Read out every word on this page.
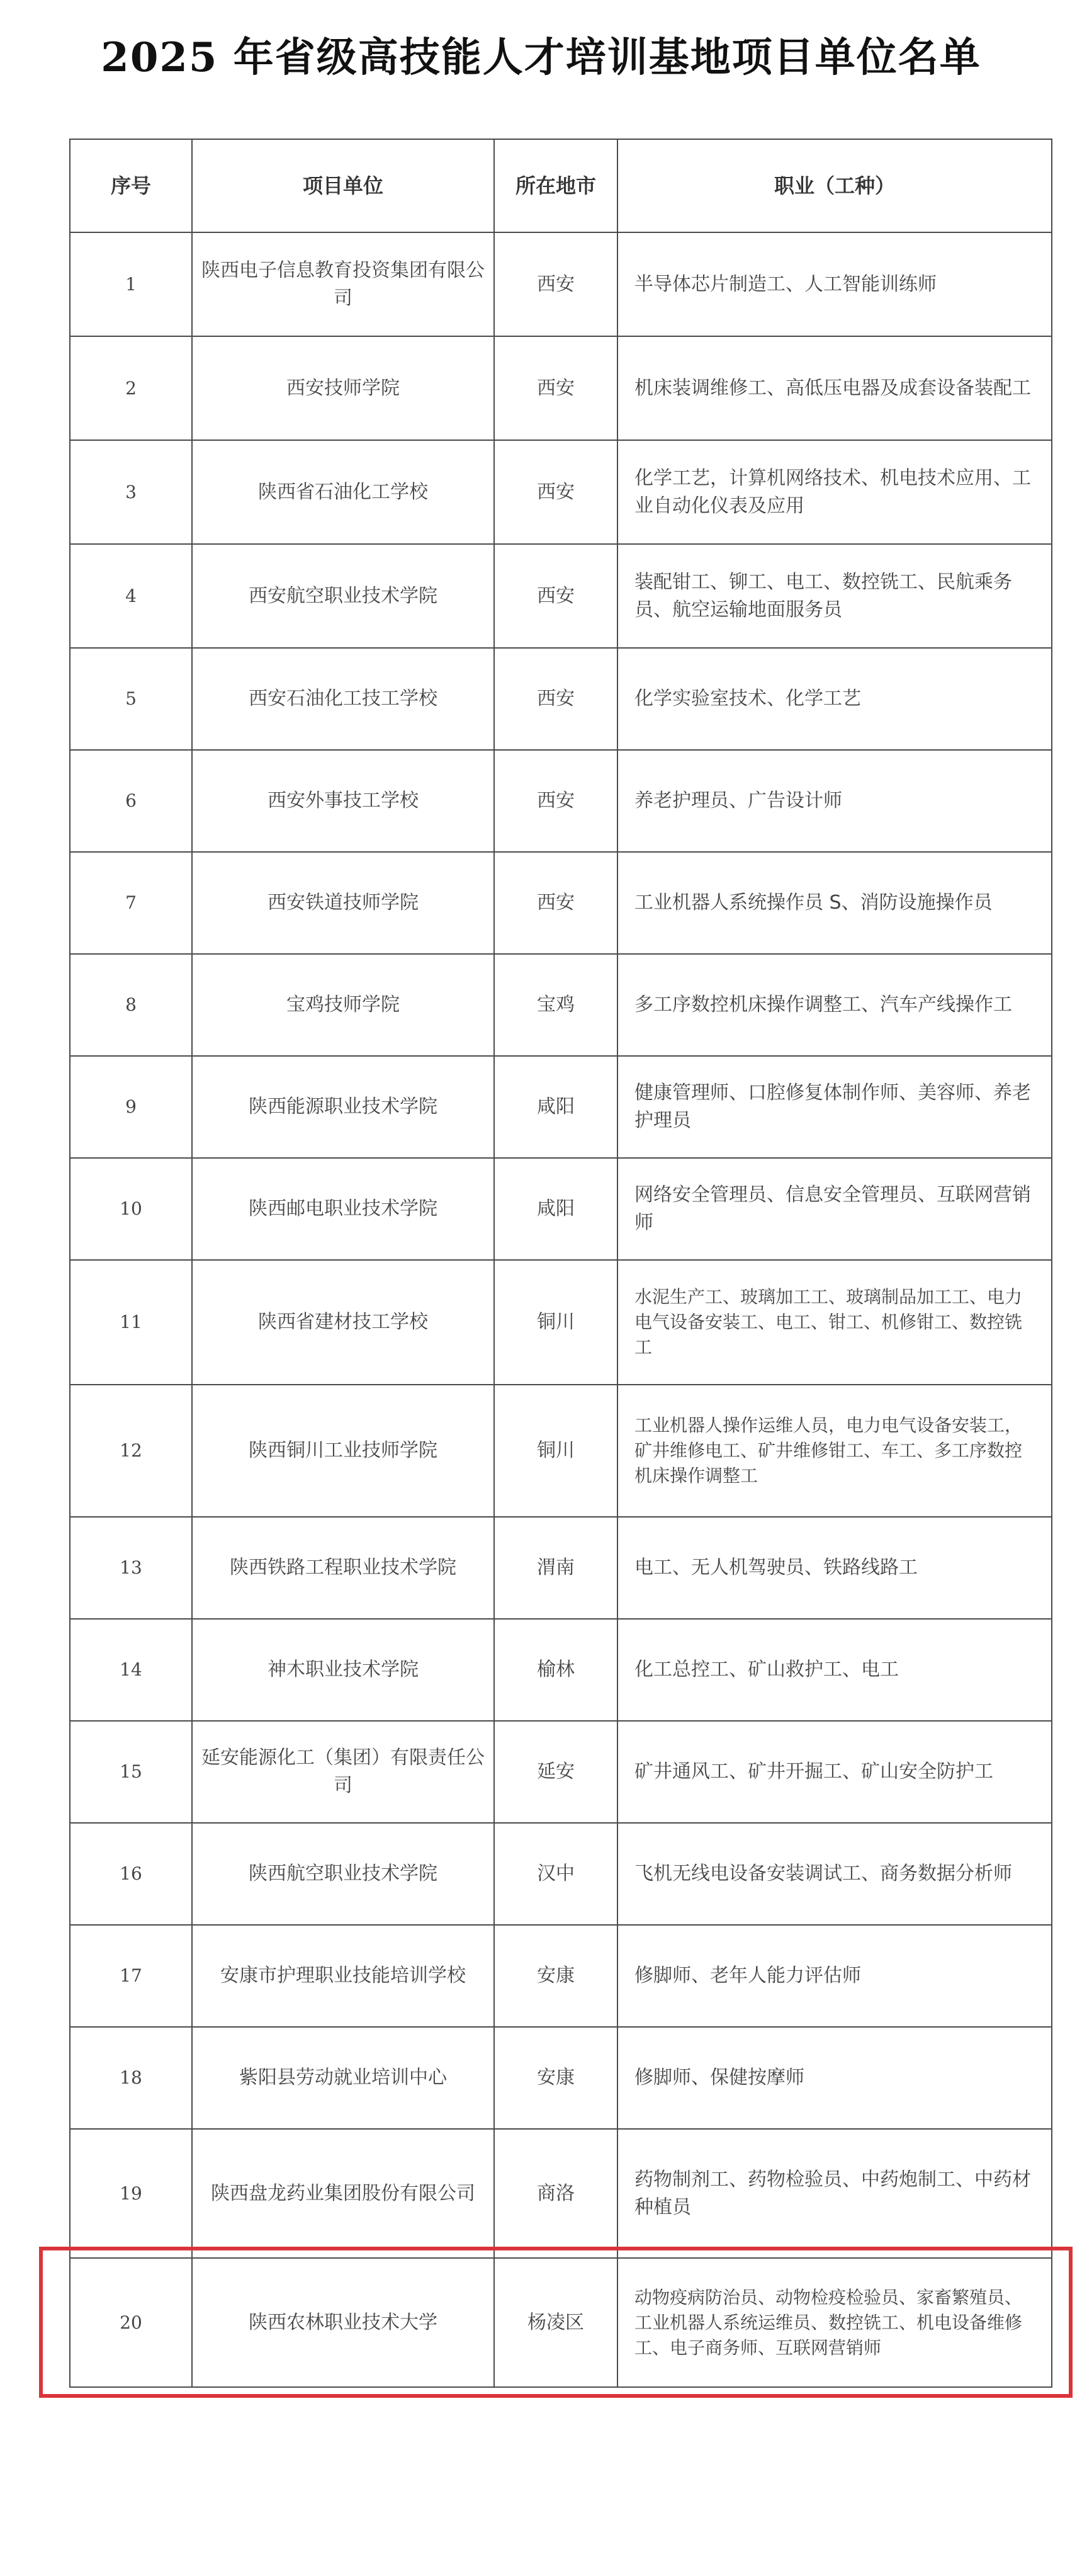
2025 年省级高技能人才培训基地项目单位名单
序号	项目单位	所在地市	职业（工种）
1	陕西电子信息教育投资集团有限公司	西安	半导体芯片制造工、人工智能训练师
2	西安技师学院	西安	机床装调维修工、高低压电器及成套设备装配工
3	陕西省石油化工学校	西安	化学工艺，计算机网络技术、机电技术应用、工业自动化仪表及应用
4	西安航空职业技术学院	西安	装配钳工、铆工、电工、数控铣工、民航乘务员、航空运输地面服务员
5	西安石油化工技工学校	西安	化学实验室技术、化学工艺
6	西安外事技工学校	西安	养老护理员、广告设计师
7	西安铁道技师学院	西安	工业机器人系统操作员 S、消防设施操作员
8	宝鸡技师学院	宝鸡	多工序数控机床操作调整工、汽车产线操作工
9	陕西能源职业技术学院	咸阳	健康管理师、口腔修复体制作师、美容师、养老护理员
10	陕西邮电职业技术学院	咸阳	网络安全管理员、信息安全管理员、互联网营销师
11	陕西省建材技工学校	铜川	水泥生产工、玻璃加工工、玻璃制品加工工、电力电气设备安装工、电工、钳工、机修钳工、数控铣工
12	陕西铜川工业技师学院	铜川	工业机器人操作运维人员，电力电气设备安装工，矿井维修电工、矿井维修钳工、车工、多工序数控机床操作调整工
13	陕西铁路工程职业技术学院	渭南	电工、无人机驾驶员、铁路线路工
14	神木职业技术学院	榆林	化工总控工、矿山救护工、电工
15	延安能源化工（集团）有限责任公司	延安	矿井通风工、矿井开掘工、矿山安全防护工
16	陕西航空职业技术学院	汉中	飞机无线电设备安装调试工、商务数据分析师
17	安康市护理职业技能培训学校	安康	修脚师、老年人能力评估师
18	紫阳县劳动就业培训中心	安康	修脚师、保健按摩师
19	陕西盘龙药业集团股份有限公司	商洛	药物制剂工、药物检验员、中药炮制工、中药材种植员
20	陕西农林职业技术大学	杨凌区	动物疫病防治员、动物检疫检验员、家畜繁殖员、工业机器人系统运维员、数控铣工、机电设备维修工、电子商务师、互联网营销师
